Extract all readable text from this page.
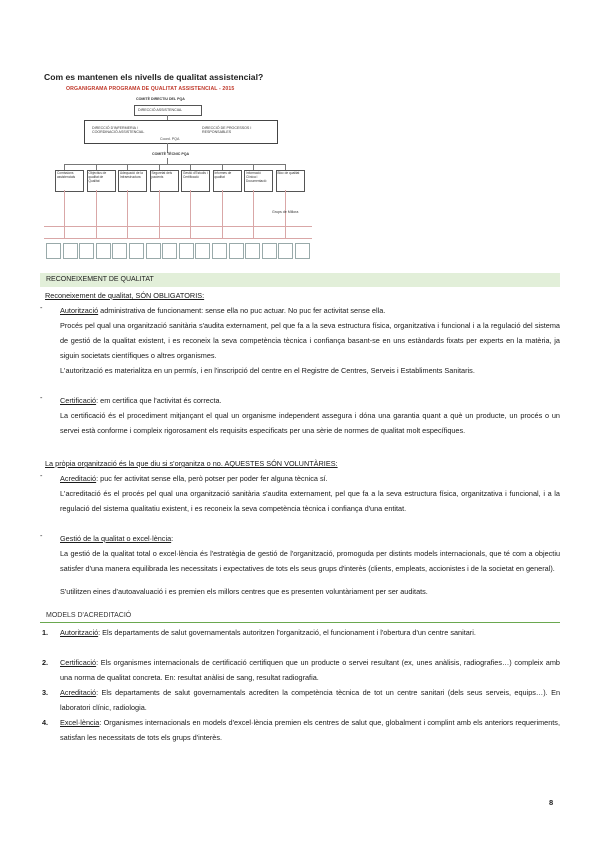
Com es mantenen els nivells de qualitat assistencial?
ORGANIGRAMA PROGRAMA DE QUALITAT ASSISTENCIAL - 2015
COMITÈ DIRECTIU DEL PQA
DIRECCIÓ ASSISTENCIAL
DIRECCIÓ D'INFERMERIA / COORDINACIÓ ASSISTENCIAL
DIRECCIÓ DE PROCESSOS I RESPONSABLES
Coord. PQA
COMITÈ TÈCNIC PQA
Comissions assistencials
Objectius de qualitat de Qualitat
Adequació de la Infraestructura
Seguretat dels pacients
Gestió d'Estudis i Certificació
Informes de qualitat
Informació Clínica i Documentació
Bloc de qualitat
Grups de Millora
RECONEIXEMENT DE QUALITAT
Reconeixement de qualitat, SÓN OBLIGATORIS:
- Autorització administrativa de funcionament: sense ella no puc actuar. No puc fer activitat sense ella.
Procés pel qual una organització sanitària s'audita externament, pel que fa a la seva estructura física, organitzativa i funcional i a la regulació del sistema de gestió de la qualitat existent, i es reconeix la seva competència tècnica i confiança basant-se en uns estàndards fixats per experts en la matèria, ja siguin societats científiques o altres organismes.
L'autorització es materialitza en un permís, i en l'inscripció del centre en el Registre de Centres, Serveis i Establiments Sanitaris.
- Certificació: em certifica que l'activitat és correcta.
La certificació és el procediment mitjançant el qual un organisme independent assegura i dóna una garantia quant a què un producte, un procés o un servei està conforme i compleix rigorosament els requisits especificats per una sèrie de normes de qualitat molt específiques.
La pròpia organització és la que diu si s'organitza o no. AQUESTES SÓN VOLUNTÀRIES:
- Acreditació: puc fer activitat sense ella, però potser per poder fer alguna tècnica sí.
L'acreditació és el procés pel qual una organització sanitària s'audita externament, pel que fa a la seva estructura física, organitzativa i funcional, i a la regulació del sistema qualitatiu existent, i es reconeix la seva competència tècnica i confiança d'una entitat.
- Gestió de la qualitat o excel·lència:
La gestió de la qualitat total o excel·lència és l'estratègia de gestió de l'organització, promoguda per distints models internacionals, que té com a objectiu satisfer d'una manera equilibrada les necessitats i expectatives de tots els seus grups d'interès (clients, empleats, accionistes i de la societat en general).
S'utilitzen eines d'autoavaluació i es premien els millors centres que es presenten voluntàriament per ser auditats.
MODELS D'ACREDITACIÓ
1. Autorització: Els departaments de salut governamentals autoritzen l'organització, el funcionament i l'obertura d'un centre sanitari.
2. Certificació: Els organismes internacionals de certificació certifiquen que un producte o servei resultant (ex, unes anàlisis, radiografies…) compleix amb una norma de qualitat concreta. En: resultat anàlisi de sang, resultat radiografia.
3. Acreditació: Els departaments de salut governamentals acrediten la competència tècnica de tot un centre sanitari (dels seus serveis, equips…). En laboratori clínic, radiologia.
4. Excel·lència: Organismes internacionals en models d'excel·lència premien els centres de salut que, globalment i complint amb els anteriors requeriments, satisfan les necessitats de tots els grups d'interès.
8
